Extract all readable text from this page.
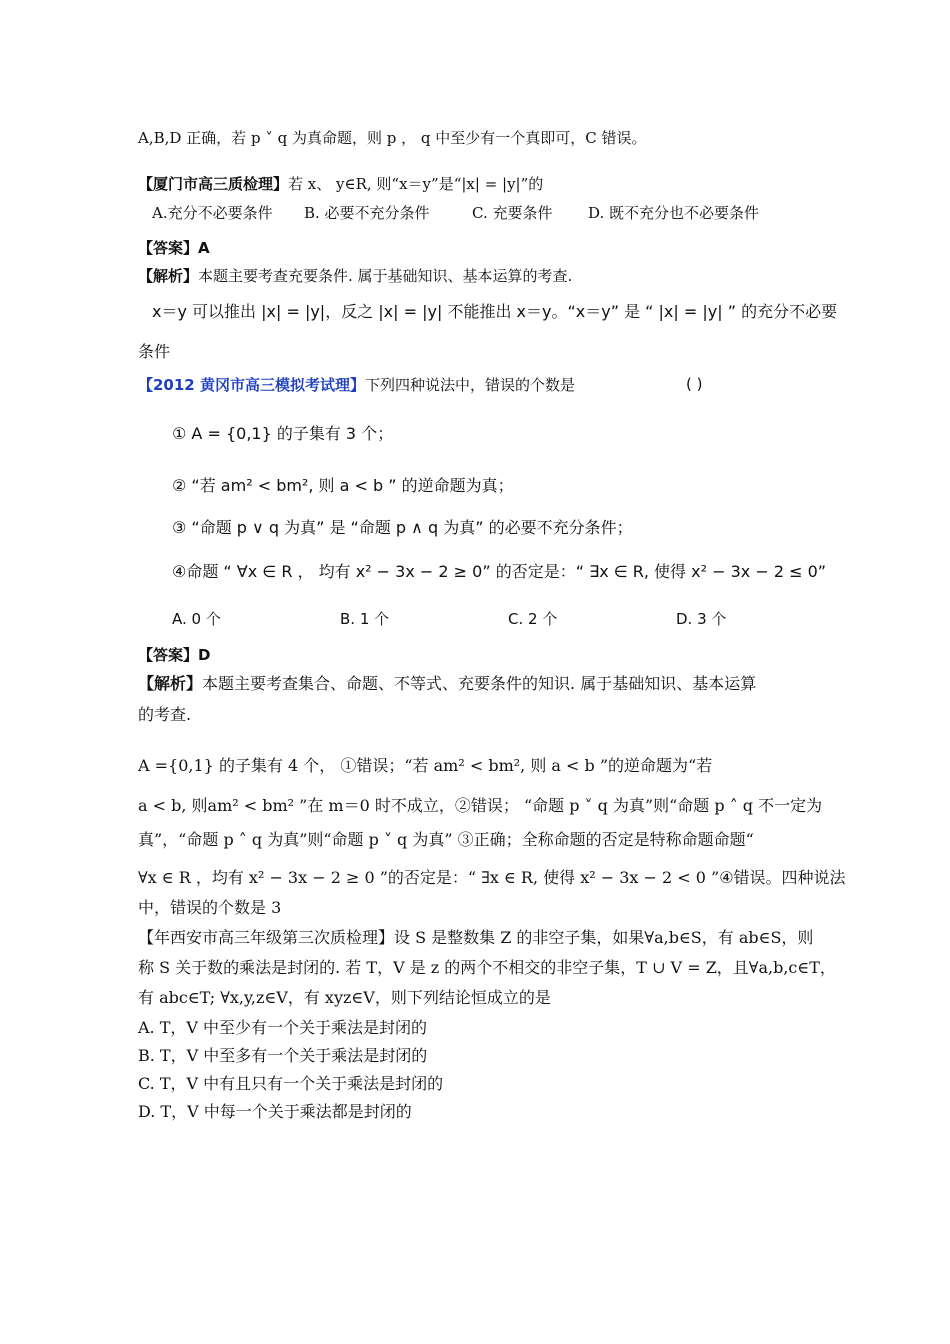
A,B,D 正确，若 p ˅ q 为真命题，则 p ， q 中至少有一个真即可，C 错误。
【厦门市高三质检理】若 x、 y∈R, 则“x＝y”是“|x| = |y|”的
A.充分不必要条件 B. 必要不充分条件	C. 充要条件 D. 既不充分也不必要条件
【答案】A
【解析】本题主要考查充要条件. 属于基础知识、基本运算的考查.
x＝y 可以推出 |x| = |y|，反之 |x| = |y| 不能推出 x＝y。“x＝y” 是 “ |x| = |y| ” 的充分不必要
条件
【2012 黄冈市高三模拟考试理】下列四种说法中，错误的个数是	( )
① A = {0,1} 的子集有 3 个；
② “若 am² < bm², 则 a < b ” 的逆命题为真；
③ “命题 p ∨ q 为真” 是 “命题 p ∧ q 为真” 的必要不充分条件；
④命题 “ ∀x ∈ R ， 均有 x² − 3x − 2 ≥ 0” 的否定是：“ ∃x ∈ R, 使得 x² − 3x − 2 ≤ 0”
A. 0 个	B. 1 个	C. 2 个	D. 3 个
【答案】D
【解析】本题主要考查集合、命题、不等式、充要条件的知识. 属于基础知识、基本运算
的考查.
A ={0,1} 的子集有 4 个， ①错误；“若 am² < bm², 则 a < b ”的逆命题为“若
a < b, 则am² < bm² ”在 m＝0 时不成立，②错误； “命题 p ˅ q 为真”则“命题 p ˄ q 不一定为
真”，“命题 p ˄ q 为真”则“命题 p ˅ q 为真” ③正确；全称命题的否定是特称命题命题“
∀x ∈ R ，均有 x² − 3x − 2 ≥ 0 ”的否定是：“ ∃x ∈ R, 使得 x² − 3x − 2 < 0 ”④错误。四种说法
中，错误的个数是 3
【年西安市高三年级第三次质检理】设 S 是整数集 Z 的非空子集，如果∀a,b∈S，有 ab∈S，则
称 S 关于数的乘法是封闭的. 若 T，V 是 z 的两个不相交的非空子集，T ∪ V = Z，且∀a,b,c∈T，
有 abc∈T; ∀x,y,z∈V，有 xyz∈V，则下列结论恒成立的是
A. T，V 中至少有一个关于乘法是封闭的
B. T，V 中至多有一个关于乘法是封闭的
C. T，V 中有且只有一个关于乘法是封闭的
D. T，V 中每一个关于乘法都是封闭的
